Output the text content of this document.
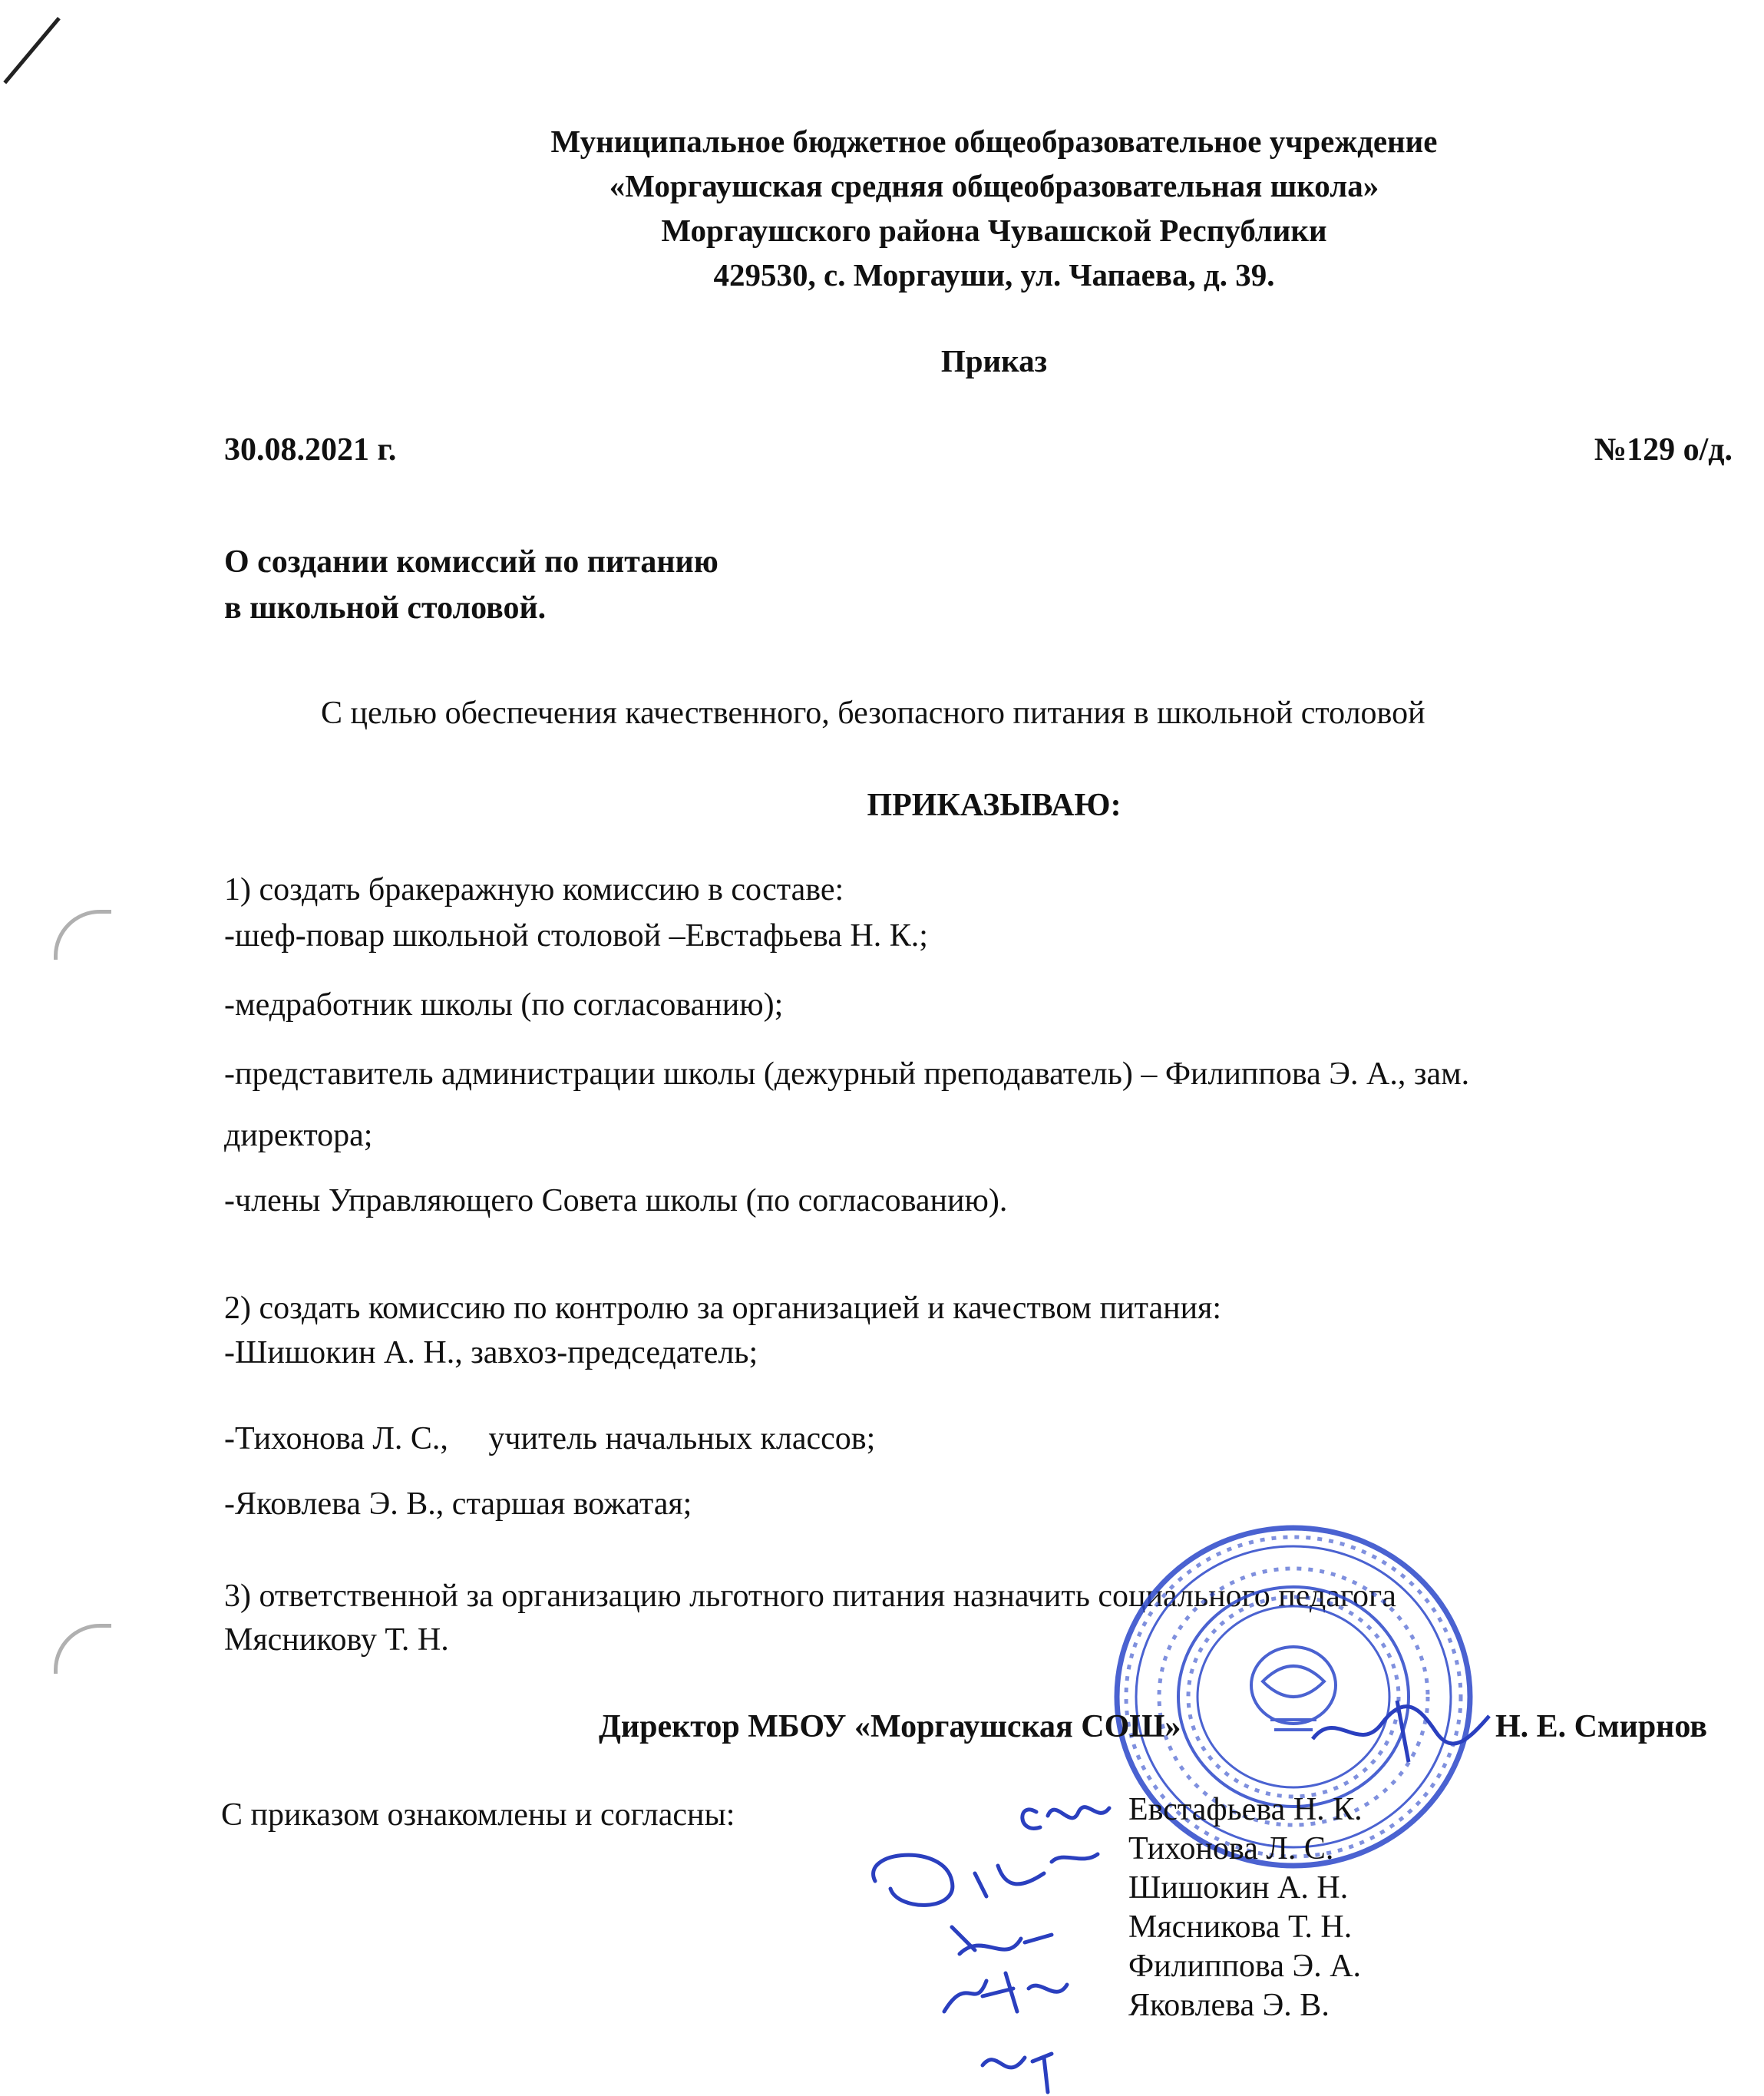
Муниципальное бюджетное общеобразовательное учреждение
«Моргаушская средняя общеобразовательная школа»
Моргаушского района Чувашской Республики
429530, с. Моргауши, ул. Чапаева, д. 39.
Приказ
30.08.2021 г.	№129 о/д.
О создании комиссий по питанию
в школьной столовой.
С целью обеспечения качественного, безопасного питания в школьной столовой
ПРИКАЗЫВАЮ:
1) создать бракеражную комиссию в составе:
-шеф-повар школьной столовой –Евстафьева Н. К.;
-медработник школы (по согласованию);
-представитель администрации школы (дежурный преподаватель) – Филиппова Э. А., зам.
директора;
-члены Управляющего Совета школы (по согласованию).
2) создать комиссию по контролю за организацией и качеством питания:
-Шишокин А. Н., завхоз-председатель;
-Тихонова Л. С.,     учитель начальных классов;
-Яковлева Э. В., старшая вожатая;
3) ответственной за организацию льготного питания назначить социального педагога
Мясникову Т. Н.
Директор МБОУ «Моргаушская СОШ»	Н. Е. Смирнов
С приказом ознакомлены и согласны:	Евстафьева Н. К.
Тихонова Л. С.
Шишокин А. Н.
Мясникова Т. Н.
Филиппова Э. А.
Яковлева Э. В.
